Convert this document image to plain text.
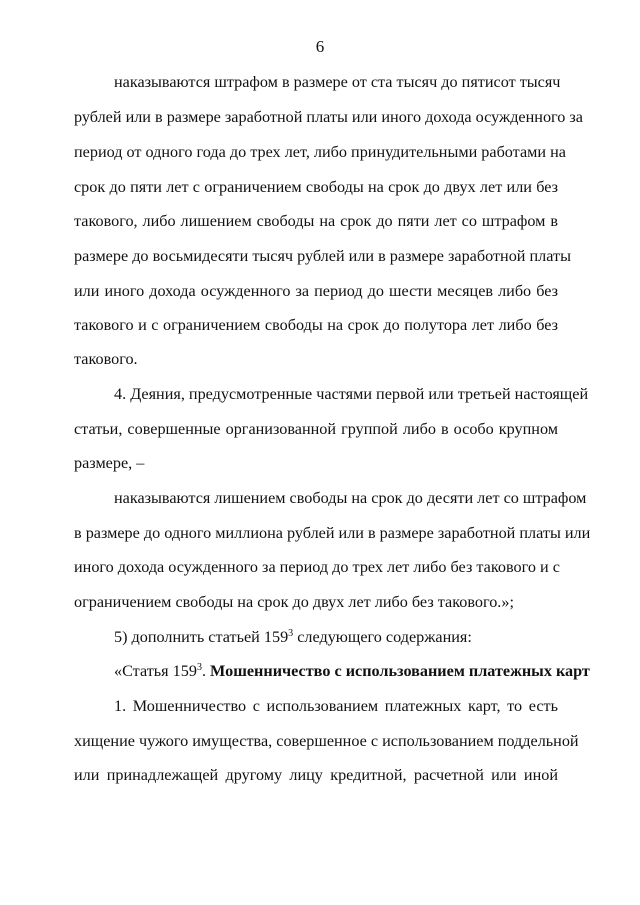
6
наказываются штрафом в размере от ста тысяч до пятисот тысяч
рублей или в размере заработной платы или иного дохода осужденного за
период от одного года до трех лет, либо принудительными работами на
срок до пяти лет с ограничением свободы на срок до двух лет или без
такового, либо лишением свободы на срок до пяти лет со штрафом в
размере до восьмидесяти тысяч рублей или в размере заработной платы
или иного дохода осужденного за период до шести месяцев либо без
такового и с ограничением свободы на срок до полутора лет либо без
такового.
4. Деяния, предусмотренные частями первой или третьей настоящей
статьи, совершенные организованной группой либо в особо крупном
размере, –
наказываются лишением свободы на срок до десяти лет со штрафом
в размере до одного миллиона рублей или в размере заработной платы или
иного дохода осужденного за период до трех лет либо без такового и с
ограничением свободы на срок до двух лет либо без такового.»;
5) дополнить статьей $159^3$ следующего содержания:
«Статья $159^3$. Мошенничество с использованием платежных карт
1. Мошенничество с использованием платежных карт, то есть
хищение чужого имущества, совершенное с использованием поддельной
или принадлежащей другому лицу кредитной, расчетной или иной
